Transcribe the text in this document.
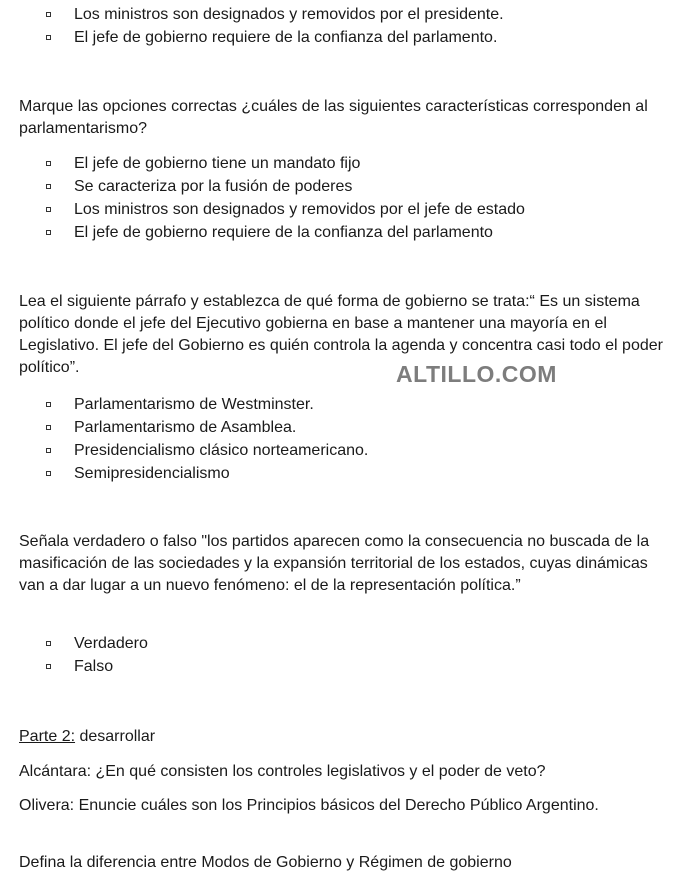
Los ministros son designados y removidos por el presidente.
El jefe de gobierno requiere de la confianza del parlamento.

Marque las opciones correctas ¿cuáles de las siguientes características corresponden al parlamentarismo?

El jefe de gobierno tiene un mandato fijo
Se caracteriza por la fusión de poderes
Los ministros son designados y removidos por el jefe de estado
El jefe de gobierno requiere de la confianza del parlamento

Lea el siguiente párrafo y establezca de qué forma de gobierno se trata:“ Es un sistema político donde el jefe del Ejecutivo gobierna en base a mantener una mayoría en el Legislativo. El jefe del Gobierno es quién controla la agenda y concentra casi todo el poder político”.	ALTILLO.COM
Parlamentarismo de Westminster.
Parlamentarismo de Asamblea.
Presidencialismo clásico norteamericano.
Semipresidencialismo

Señala verdadero o falso "los partidos aparecen como la consecuencia no buscada de la masificación de las sociedades y la expansión territorial de los estados, cuyas dinámicas van a dar lugar a un nuevo fenómeno: el de la representación política.”

Verdadero
Falso

Parte 2: desarrollar

Alcántara: ¿En qué consisten los controles legislativos y el poder de veto?

Olivera: Enuncie cuáles son los Principios básicos del Derecho Público Argentino.

Defina la diferencia entre Modos de Gobierno y Régimen de gobierno
